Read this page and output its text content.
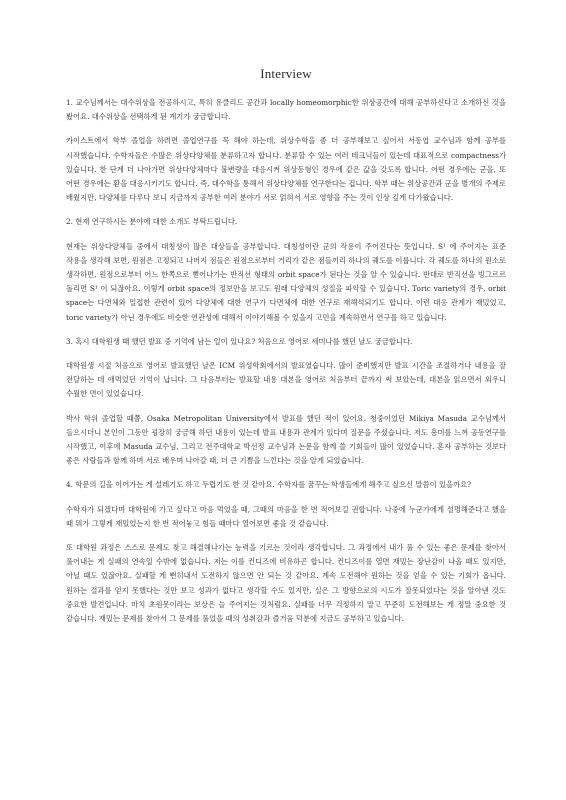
Interview
1. 교수님께서는 대수위상을 전공하시고, 특히 유클리드 공간과 locally homeomorphic한 위상공간에 대해 공부하신다고 소개하신 것을 봤어요. 대수위상을 선택하게 된 계기가 궁금합니다.
카이스트에서 학부 졸업을 하려면 졸업연구를 꼭 해야 하는데, 위상수학을 좀 더 공부해보고 싶어서 서동엽 교수님과 함께 공부를 시작했습니다. 수학자들은 수많은 위상다양체를 분류하고자 합니다. 분류할 수 있는 여러 테크닉들이 있는데 대표적으로 compactness가 있습니다. 한 단계 더 나아가면 위상다양체마다 불변량을 대응시켜 위상동형인 경우에 같은 값을 갖도록 합니다. 어떤 경우에는 군을, 또 어떤 경우에는 환을 대응시키기도 합니다. 즉, 대수학을 통해서 위상다양체를 연구한다는 겁니다. 학부 때는 위상공간과 군을 별개의 주제로 배웠지만, 다양체를 다루다 보니 지금까지 공부한 여러 분야가 서로 얽혀서 서로 영향을 주는 것이 인상 깊게 다가왔습니다.
2. 현재 연구하시는 분야에 대한 소개도 부탁드립니다.
현재는 위상다양체들 중에서 대칭성이 많은 대상들을 공부합니다. 대칭성이란 군의 작용이 주어진다는 뜻입니다. S¹ 에 주어지는 표준 작용을 생각해 보면, 원점은 고정되고 나머지 점들은 원점으로부터 거리가 같은 점들끼리 하나의 궤도를 이룹니다. 각 궤도를 하나의 원소로 생각하면, 원점으로부터 어느 한쪽으로 뻗어나가는 반직선 형태의 orbit space가 된다는 것을 알 수 있습니다. 반대로 반직선을 빙그르르 돌리면 S¹ 이 되잖아요. 이렇게 orbit space의 정보만을 보고도 원래 다양체의 성질을 파악할 수 있습니다. Toric variety의 경우, orbit space는 다면체와 밀접한 관련이 있어 다양체에 대한 연구가 다면체에 대한 연구로 재해석되기도 합니다. 이런 대응 관계가 재밌었고, toric variety가 아닌 경우에도 비슷한 연관성에 대해서 이야기해볼 수 있을지 고민을 계속하면서 연구를 하고 있습니다.
3. 혹시 대학원생 때 했던 발표 중 기억에 남는 일이 있나요? 처음으로 영어로 세미나를 했던 날도 궁금합니다.
대학원생 시절 처음으로 영어로 발표했던 날은 ICM 위성학회에서의 발표였습니다. 많이 준비했지만 발표 시간을 조절하거나 내용을 잘 전달하는 데 애먹었던 기억이 납니다. 그 다음부터는 발표할 내용 대본을 영어로 처음부터 끝까지 써 보았는데, 대본을 읽으면서 외우니 수월한 면이 있었습니다.
박사 학위 졸업할 때쯤, Osaka Metropolitan University에서 발표를 했던 적이 있어요. 청중이었던 Mikiya Masuda 교수님께서 들으시더니 본인이 그동안 굉장히 궁금해 하던 내용이 있는데 발표 내용과 관계가 있다며 질문을 주셨습니다. 저도 흥미를 느껴 공동연구를 시작했고, 이후에 Masuda 교수님, 그리고 전주대학교 박선정 교수님과 논문을 함께 쓸 기회들이 많이 있었습니다. 혼자 공부하는 것보다 좋은 사람들과 함께 하며 서로 배우며 나아갈 때, 더 큰 기쁨을 느낀다는 것을 알게 되었습니다.
4. 학문의 길을 이어가는 게 설레기도 하고 두렵기도 한 것 같아요. 수학자를 꿈꾸는 학생들에게 해주고 싶으신 말씀이 있을까요?
수학자가 되겠다며 대학원에 가고 싶다고 마음 먹었을 때, 그때의 마음을 한 번 적어보길 권합니다. 나중에 누군가에게 설명해준다고 했을 때 뭐가 그렇게 재밌었는지 한 번 적어놓고 힘들 때마다 열어보면 좋을 것 같습니다.
또 대학원 과정은 스스로 문제도 찾고 해결해나가는 능력을 기르는 것이라 생각합니다. 그 과정에서 내가 풀 수 있는 좋은 문제를 찾아서 풀어내는 게 실패의 연속일 수밖에 없습니다. 저는 이를 컨디즈에 비유하곤 합니다. 컨디즈이를 열면 재밌는 장난감이 나올 때도 있지만, 아닐 때도 있잖아요. 실패할 게 뻔히내서 도전하지 않으면 안 되는 것 같아요. 계속 도전해야 원하는 것을 얻을 수 있는 기회가 옵니다. 원하는 결과를 얻지 못했다는 것만 보고 성과가 없다고 생각할 수도 있지만, 실은 그 방향으로의 시도가 잘못되었다는 것을 알아낸 것도 중요한 발견입니다. 마치 초원못이라는 보상은 늘 주어지는 것처럼요. 실패를 너무 걱정하지 말고 꾸준히 도전해보는 게 정말 중요한 것 같습니다. 재밌는 문제를 찾아서 그 문제를 풀었을 때의 성취감과 즐거움 덕분에 지금도 공부하고 있습니다.
